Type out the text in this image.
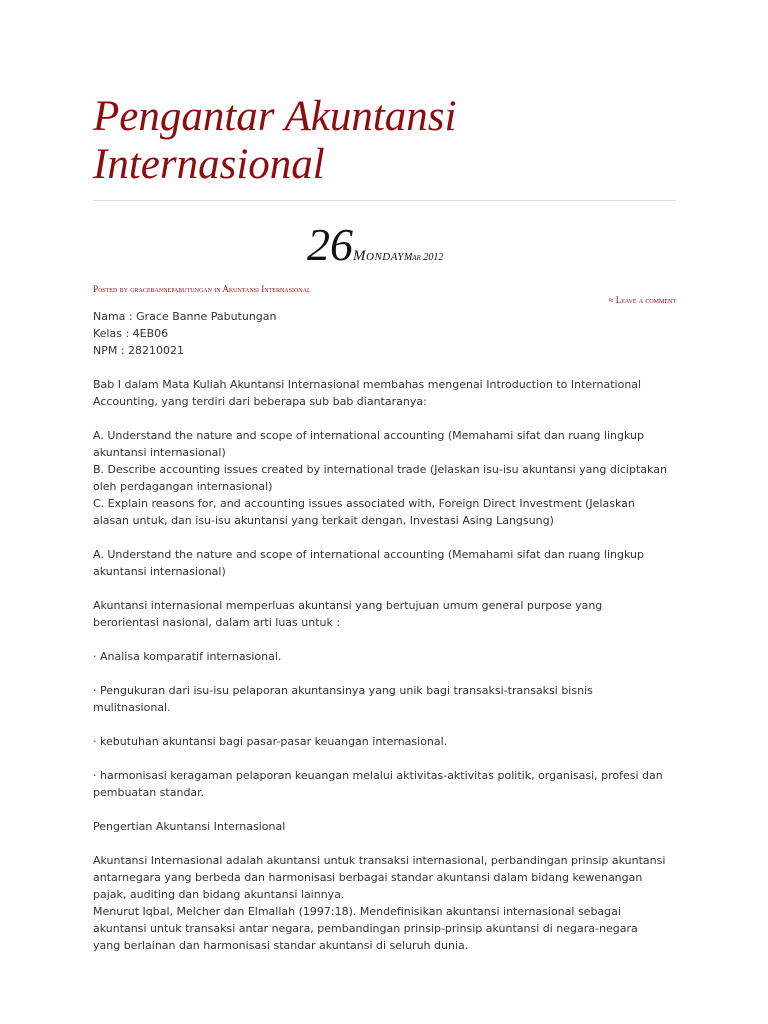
Pengantar Akuntansi Internasional
26MondayMar 2012
Posted by gracebannepabutungan in Akuntansi Internasional
≈ Leave a comment

Nama : Grace Banne Pabutungan
Kelas : 4EB06
NPM : 28210021

Bab I dalam Mata Kuliah Akuntansi Internasional membahas mengenai Introduction to International Accounting, yang terdiri dari beberapa sub bab diantaranya:

A. Understand the nature and scope of international accounting (Memahami sifat dan ruang lingkup akuntansi internasional)
B. Describe accounting issues created by international trade (Jelaskan isu-isu akuntansi yang diciptakan oleh perdagangan internasional)
C. Explain reasons for, and accounting issues associated with, Foreign Direct Investment (Jelaskan alasan untuk, dan isu-isu akuntansi yang terkait dengan, Investasi Asing Langsung)

A. Understand the nature and scope of international accounting (Memahami sifat dan ruang lingkup akuntansi internasional)

Akuntansi internasional memperluas akuntansi yang bertujuan umum general purpose yang berorientasi nasional, dalam arti luas untuk :

· Analisa komparatif internasional.

· Pengukuran dari isu-isu pelaporan akuntansinya yang unik bagi transaksi-transaksi bisnis mulitnasional.

· kebutuhan akuntansi bagi pasar-pasar keuangan internasional.

· harmonisasi keragaman pelaporan keuangan melalui aktivitas-aktivitas politik, organisasi, profesi dan pembuatan standar.

Pengertian Akuntansi Internasional

Akuntansi Internasional adalah akuntansi untuk transaksi internasional, perbandingan prinsip akuntansi antarnegara yang berbeda dan harmonisasi berbagai standar akuntansi dalam bidang kewenangan pajak, auditing dan bidang akuntansi lainnya.

Menurut Iqbal, Melcher dan Elmallah (1997:18). Mendefinisikan akuntansi internasional sebagai akuntansi untuk transaksi antar negara, pembandingan prinsip-prinsip akuntansi di negara-negara yang berlainan dan harmonisasi standar akuntansi di seluruh dunia.
